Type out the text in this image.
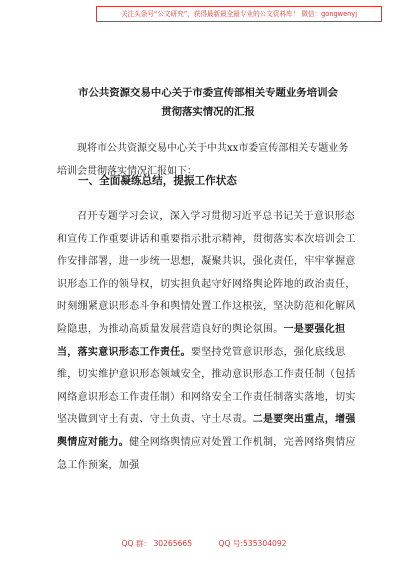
关注头条号“公文研究”，获得最新最全最专业的公文资料库！ 微信：gongwenyj
市公共资源交易中心关于市委宣传部相关专题业务培训会
贯彻落实情况的汇报
现将市公共资源交易中心关于中共xx市委宣传部相关专题业务培训会贯彻落实情况汇报如下：
一、全面凝练总结，提振工作状态
召开专题学习会议，深入学习贯彻习近平总书记关于意识形态和宣传工作重要讲话和重要指示批示精神，贯彻落实本次培训会工作安排部署，进一步统一思想，凝聚共识，强化责任，牢牢掌握意识形态工作的领导权，切实担负起守好网络舆论阵地的政治责任，时刻绷紧意识形态斗争和舆情处置工作这根弦，坚决防范和化解风险隐患，为推动高质量发展营造良好的舆论氛围。一是要强化担当，落实意识形态工作责任。要坚持党管意识形态，强化底线思维，切实维护意识形态领域安全，推动意识形态工作责任制（包括网络意识形态工作责任制）和网络安全工作责任制落实落地，切实坚决做到守土有责、守土负责、守土尽责。二是要突出重点，增强舆情应对能力。健全网络舆情应对处置工作机制，完善网络舆情应急工作预案，加强
QQ 群： 30265665	QQ 号:535304092
